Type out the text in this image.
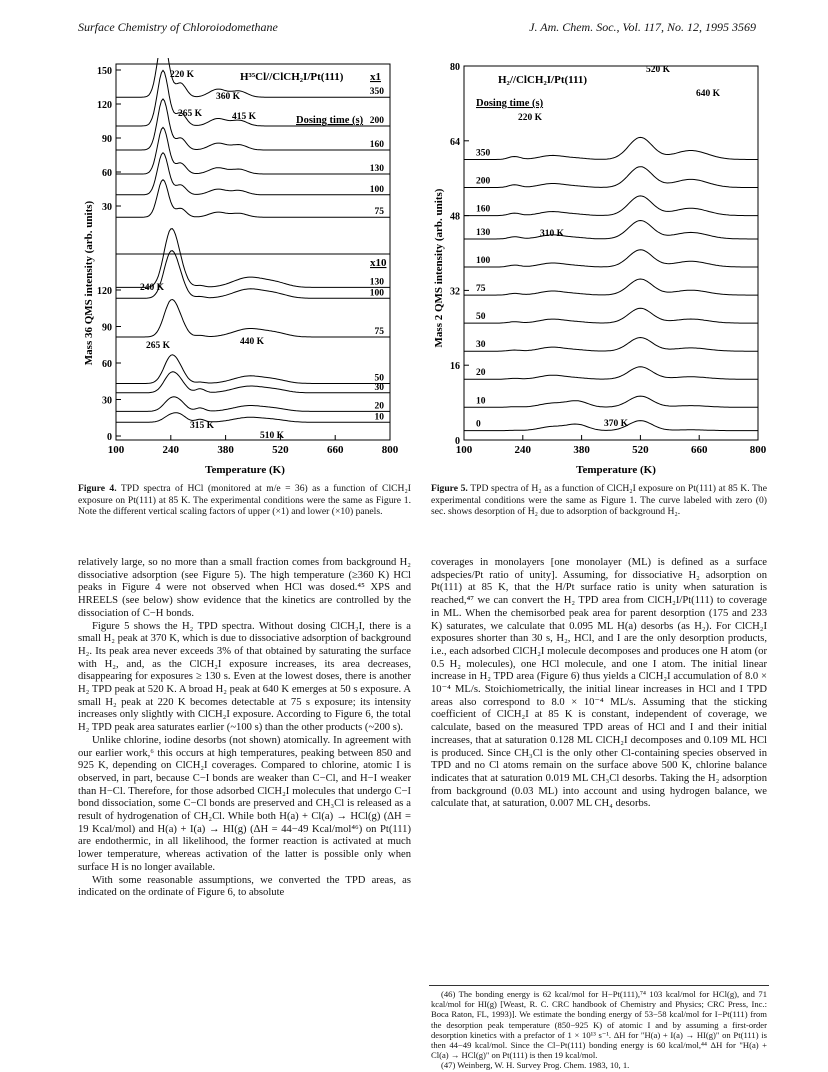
Surface Chemistry of Chloroiodomethane	J. Am. Chem. Soc., Vol. 117, No. 12, 1995 3569
100	240	380	520	660	800
150
120
90
60
30
120
90
60
30
0
H³⁵Cl//ClCH₂I/Pt(111) x1
Dosing time (s)
x10
Temperature (K)
Mass 36 QMS intensity (arb. units)
350
200
160
130
100
75
220 K
360 K
265 K	415 K
130
100
75
50
30
20
10
240 K
265 K	440 K
315 K
510 K
100	240	380	520	660	800
80
64
48
32
16
0
H₂//ClCH₂I/Pt(111)
Dosing time (s)
Temperature (K)
Mass 2 QMS intensity (arb. units)
350
200
160
130
100
75
50
30
20
10
0
520 K
640 K
220 K
310 K
370 K
Figure 4. TPD spectra of HCl (monitored at m/e = 36) as a function of ClCH₂I exposure on Pt(111) at 85 K. The experimental conditions were the same as Figure 1. Note the different vertical scaling factors of upper (×1) and lower (×10) panels.
Figure 5. TPD spectra of H₂ as a function of ClCH₂I exposure on Pt(111) at 85 K. The experimental conditions were the same as Figure 1. The curve labeled with zero (0) sec. shows desorption of H₂ due to adsorption of background H₂.

relatively large, so no more than a small fraction comes from background H₂ dissociative adsorption (see Figure 5). The high temperature (≥360 K) HCl peaks in Figure 4 were not observed when HCl was dosed.⁴⁵ XPS and HREELS (see below) show evidence that the kinetics are controlled by the dissociation of C−H bonds.

Figure 5 shows the H₂ TPD spectra. Without dosing ClCH₂I, there is a small H₂ peak at 370 K, which is due to dissociative adsorption of background H₂. Its peak area never exceeds 3% of that obtained by saturating the surface with H₂, and, as the ClCH₂I exposure increases, its area decreases, disappearing for exposures ≥ 130 s. Even at the lowest doses, there is another H₂ TPD peak at 520 K. A broad H₂ peak at 640 K emerges at 50 s exposure. A small H₂ peak at 220 K becomes detectable at 75 s exposure; its intensity increases only slightly with ClCH₂I exposure. According to Figure 6, the total H₂ TPD peak area saturates earlier (~100 s) than the other products (~200 s).

Unlike chlorine, iodine desorbs (not shown) atomically. In agreement with our earlier work,⁶ this occurs at high temperatures, peaking between 850 and 925 K, depending on ClCH₂I coverages. Compared to chlorine, atomic I is observed, in part, because C−I bonds are weaker than C−Cl, and H−I weaker than H−Cl. Therefore, for those adsorbed ClCH₂I molecules that undergo C−I bond dissociation, some C−Cl bonds are preserved and CH₃Cl is released as a result of hydrogenation of CH₂Cl. While both H(a) + Cl(a) → HCl(g) (ΔH = 19 Kcal/mol) and H(a) + I(a) → HI(g) (ΔH = 44−49 Kcal/mol⁴⁶) on Pt(111) are endothermic, in all likelihood, the former reaction is activated at much lower temperature, whereas activation of the latter is possible only when surface H is no longer available.

With some reasonable assumptions, we converted the TPD areas, as indicated on the ordinate of Figure 6, to absolute

coverages in monolayers [one monolayer (ML) is defined as a surface adspecies/Pt ratio of unity]. Assuming, for dissociative H₂ adsorption on Pt(111) at 85 K, that the H/Pt surface ratio is unity when saturation is reached,⁴⁷ we can convert the H₂ TPD area from ClCH₂I/Pt(111) to coverage in ML. When the chemisorbed peak area for parent desorption (175 and 233 K) saturates, we calculate that 0.095 ML H(a) desorbs (as H₂). For ClCH₂I exposures shorter than 30 s, H₂, HCl, and I are the only desorption products, i.e., each adsorbed ClCH₂I molecule decomposes and produces one H atom (or 0.5 H₂ molecules), one HCl molecule, and one I atom. The initial linear increase in H₂ TPD area (Figure 6) thus yields a ClCH₂I accumulation of 8.0 × 10⁻⁴ ML/s. Stoichiometrically, the initial linear increases in HCl and I TPD areas also correspond to 8.0 × 10⁻⁴ ML/s. Assuming that the sticking coefficient of ClCH₂I at 85 K is constant, independent of coverage, we calculate, based on the measured TPD areas of HCl and I and their initial increases, that at saturation 0.128 ML ClCH₂I decomposes and 0.109 ML HCl is produced. Since CH₃Cl is the only other Cl-containing species observed in TPD and no Cl atoms remain on the surface above 500 K, chlorine balance indicates that at saturation 0.019 ML CH₃Cl desorbs. Taking the H₂ adsorption from background (0.03 ML) into account and using hydrogen balance, we calculate that, at saturation, 0.007 ML CH₄ desorbs.

(46) The bonding energy is 62 kcal/mol for H−Pt(111),⁷⁴ 103 kcal/mol for HCl(g), and 71 kcal/mol for HI(g) [Weast, R. C. CRC handbook of Chemistry and Physics; CRC Press, Inc.: Boca Raton, FL, 1993)]. We estimate the bonding energy of 53−58 kcal/mol for I−Pt(111) from the desorption peak temperature (850−925 K) of atomic I and by assuming a first-order desorption kinetics with a prefactor of 1 × 10¹³ s⁻¹. ΔH for "H(a) + I(a) → HI(g)" on Pt(111) is then 44−49 kcal/mol. Since the Cl−Pt(111) bonding energy is 60 kcal/mol,⁴⁴ ΔH for "H(a) + Cl(a) → HCl(g)" on Pt(111) is then 19 kcal/mol.

(47) Weinberg, W. H. Survey Prog. Chem. 1983, 10, 1.
